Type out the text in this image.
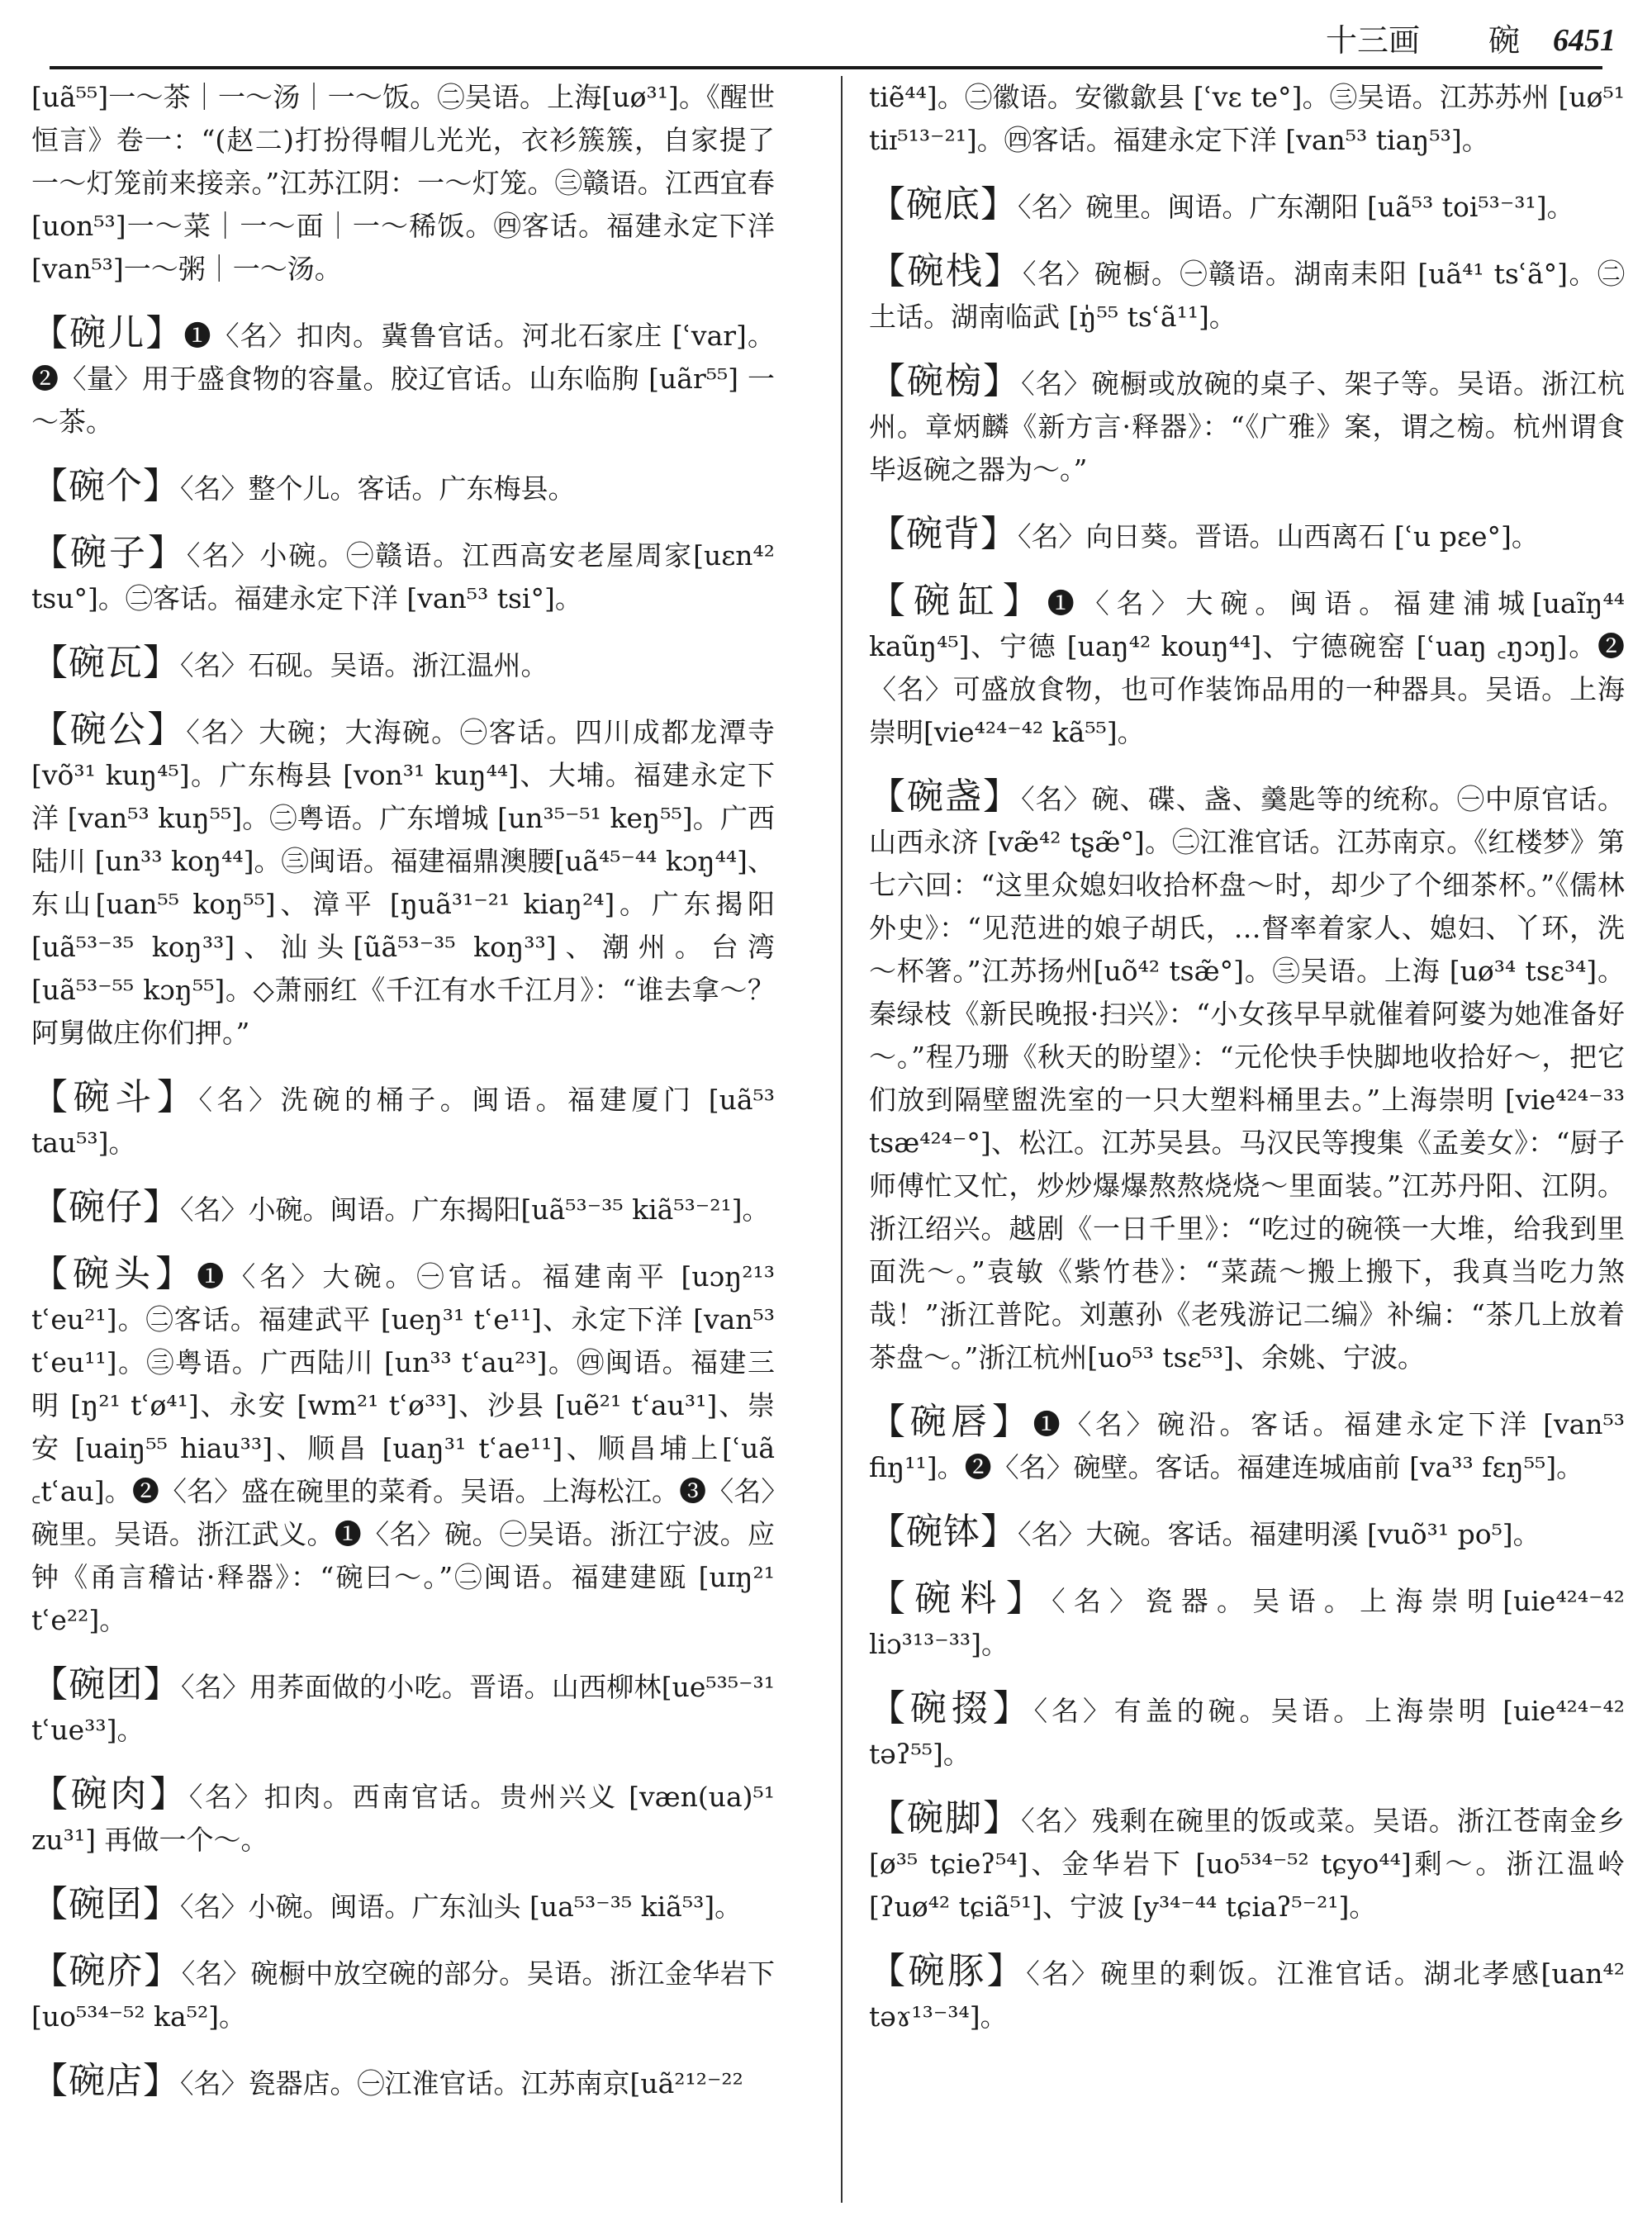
十三画 碗 6451
[uã⁵⁵]一～茶｜一～汤｜一～饭。㊁吴语。上海[uø³¹]。《醒世恒言》卷一：“(赵二)打扮得帽儿光光，衣衫簇簇，自家提了一～灯笼前来接亲。”江苏江阴：一～灯笼。㊂赣语。江西宜春 [uon⁵³]一～菜｜一～面｜一～稀饭。㊃客话。福建永定下洋 [van⁵³]一～粥｜一～汤。
【碗儿】❶〈名〉扣肉。冀鲁官话。河北石家庄 [ʿvar]。❷〈量〉用于盛食物的容量。胶辽官话。山东临朐 [uãr⁵⁵] 一～茶。
【碗个】〈名〉整个儿。客话。广东梅县。
【碗子】〈名〉小碗。㊀赣语。江西高安老屋周家[uɛn⁴² tsu°]。㊁客话。福建永定下洋 [van⁵³ tsi°]。
【碗瓦】〈名〉石砚。吴语。浙江温州。
【碗公】〈名〉大碗；大海碗。㊀客话。四川成都龙潭寺 [võ³¹ kuŋ⁴⁵]。广东梅县 [von³¹ kuŋ⁴⁴]、大埔。福建永定下洋 [van⁵³ kuŋ⁵⁵]。㊁粤语。广东增城 [un³⁵⁻⁵¹ keŋ⁵⁵]。广西陆川 [un³³ koŋ⁴⁴]。㊂闽语。福建福鼎澳腰[uã⁴⁵⁻⁴⁴ kɔŋ⁴⁴]、东山[uan⁵⁵ koŋ⁵⁵]、漳平 [ŋuã³¹⁻²¹ kiaŋ²⁴]。广东揭阳[uã⁵³⁻³⁵ koŋ³³]、汕头[ũã⁵³⁻³⁵ koŋ³³]、潮州。台湾 [uã⁵³⁻⁵⁵ kɔŋ⁵⁵]。◇萧丽红《千江有水千江月》：“谁去拿～？阿舅做庄你们押。”
【碗斗】〈名〉洗碗的桶子。闽语。福建厦门 [uã⁵³ tau⁵³]。
【碗仔】〈名〉小碗。闽语。广东揭阳[uã⁵³⁻³⁵ kiã⁵³⁻²¹]。
【碗头】❶〈名〉大碗。㊀官话。福建南平 [uɔŋ²¹³ tʿeu²¹]。㊁客话。福建武平 [ueŋ³¹ tʿe¹¹]、永定下洋 [van⁵³ tʿeu¹¹]。㊂粤语。广西陆川 [un³³ tʿau²³]。㊃闽语。福建三明 [ŋ²¹ tʿø⁴¹]、永安 [wm²¹ tʿø³³]、沙县 [uẽ²¹ tʿau³¹]、崇安 [uaiŋ⁵⁵ hiau³³]、顺昌 [uaŋ³¹ tʿae¹¹]、顺昌埔上[ʿuã ꜀tʿau]。❷〈名〉盛在碗里的菜肴。吴语。上海松江。❸〈名〉碗里。吴语。浙江武义。❶〈名〉碗。㊀吴语。浙江宁波。应钟《甬言稽诂·释器》：“碗曰～。”㊁闽语。福建建瓯 [uɪŋ²¹ tʿe²²]。
【碗团】〈名〉用荞面做的小吃。晋语。山西柳林[ue⁵³⁵⁻³¹ tʿue³³]。
【碗肉】〈名〉扣肉。西南官话。贵州兴义 [væn(ua)⁵¹ zu³¹] 再做一个～。
【碗囝】〈名〉小碗。闽语。广东汕头 [ua⁵³⁻³⁵ kiã⁵³]。
【碗庎】〈名〉碗橱中放空碗的部分。吴语。浙江金华岩下 [uo⁵³⁴⁻⁵² ka⁵²]。
【碗店】〈名〉瓷器店。㊀江淮官话。江苏南京[uã²¹²⁻²²
tiẽ⁴⁴]。㊁徽语。安徽歙县 [ʿvɛ te°]。㊂吴语。江苏苏州 [uø⁵¹ tiɪ⁵¹³⁻²¹]。㊃客话。福建永定下洋 [van⁵³ tiaŋ⁵³]。
【碗底】〈名〉碗里。闽语。广东潮阳 [uã⁵³ toi⁵³⁻³¹]。
【碗栈】〈名〉碗橱。㊀赣语。湖南耒阳 [uã⁴¹ tsʿã°]。㊁土话。湖南临武 [ŋ̍⁵⁵ tsʿã¹¹]。
【碗㮄】〈名〉碗橱或放碗的桌子、架子等。吴语。浙江杭州。章炳麟《新方言·释器》：“《广雅》案，谓之㮄。杭州谓食毕返碗之器为～。”
【碗背】〈名〉向日葵。晋语。山西离石 [ʿu pɛe°]。
【碗缸】❶〈名〉大碗。闽语。福建浦城[uaĩŋ⁴⁴ kaũŋ⁴⁵]、宁德 [uaŋ⁴² kouŋ⁴⁴]、宁德碗窑 [ʿuaŋ ꜀ŋɔŋ]。❷〈名〉可盛放食物，也可作装饰品用的一种器具。吴语。上海崇明[vie⁴²⁴⁻⁴² kã⁵⁵]。
【碗盏】〈名〉碗、碟、盏、羹匙等的统称。㊀中原官话。山西永济 [væ̃⁴² tʂæ̃°]。㊁江淮官话。江苏南京。《红楼梦》第七六回：“这里众媳妇收拾杯盘～时，却少了个细茶杯。”《儒林外史》：“见范进的娘子胡氏，…督率着家人、媳妇、丫环，洗～杯箸。”江苏扬州[uõ⁴² tsæ̃°]。㊂吴语。上海 [uø³⁴ tsɛ³⁴]。秦绿枝《新民晚报·扫兴》：“小女孩早早就催着阿婆为她准备好～。”程乃珊《秋天的盼望》：“元伦快手快脚地收拾好～，把它们放到隔壁盥洗室的一只大塑料桶里去。”上海崇明 [vie⁴²⁴⁻³³ tsæ⁴²⁴⁻°]、松江。江苏吴县。马汉民等搜集《孟姜女》：“厨子师傅忙又忙，炒炒爆爆熬熬烧烧～里面装。”江苏丹阳、江阴。浙江绍兴。越剧《一日千里》：“吃过的碗筷一大堆，给我到里面洗～。”袁敏《紫竹巷》：“菜蔬～搬上搬下，我真当吃力煞哉！”浙江普陀。刘蕙孙《老残游记二编》补编：“茶几上放着茶盘～。”浙江杭州[uo⁵³ tsɛ⁵³]、余姚、宁波。
【碗唇】❶〈名〉碗沿。客话。福建永定下洋 [van⁵³ fiŋ¹¹]。❷〈名〉碗壁。客话。福建连城庙前 [va³³ fɛŋ⁵⁵]。
【碗钵】〈名〉大碗。客话。福建明溪 [vuõ³¹ po⁵]。
【碗料】〈名〉瓷器。吴语。上海崇明[uie⁴²⁴⁻⁴² liɔ³¹³⁻³³]。
【碗掇】〈名〉有盖的碗。吴语。上海崇明 [uie⁴²⁴⁻⁴² təʔ⁵⁵]。
【碗脚】〈名〉残剩在碗里的饭或菜。吴语。浙江苍南金乡 [ø³⁵ tɕieʔ⁵⁴]、金华岩下 [uo⁵³⁴⁻⁵² tɕyo⁴⁴]剩～。浙江温岭 [ʔuø⁴² tɕiã⁵¹]、宁波 [y³⁴⁻⁴⁴ tɕiaʔ⁵⁻²¹]。
【碗豚】〈名〉碗里的剩饭。江淮官话。湖北孝感[uan⁴² təɤ¹³⁻³⁴]。
